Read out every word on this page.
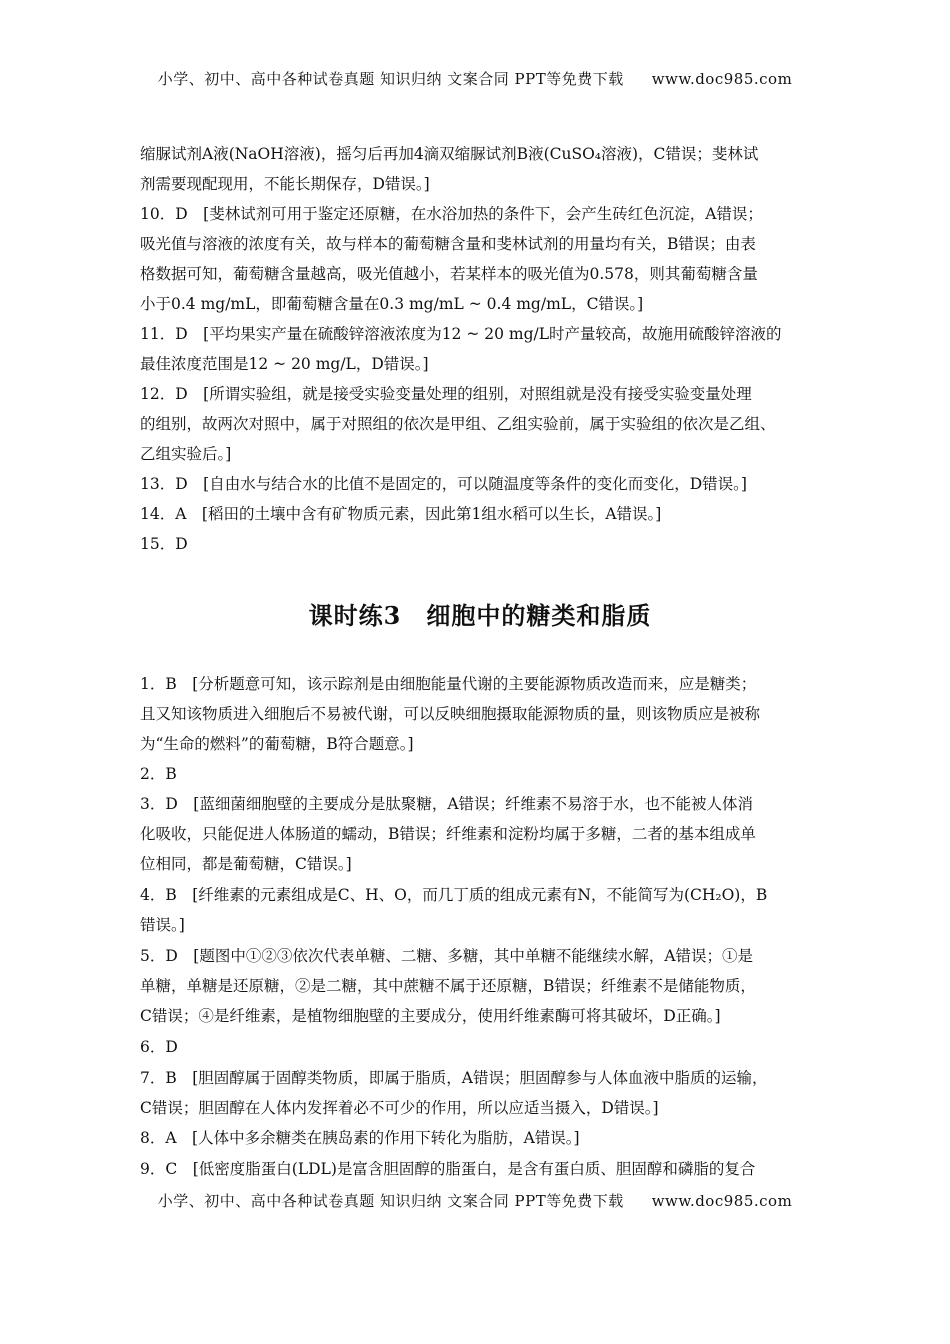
小学、初中、高中各种试卷真题 知识归纳 文案合同 PPT等免费下载 www.doc985.com
缩脲试剂A液(NaOH溶液)，摇匀后再加4滴双缩脲试剂B液(CuSO₄溶液)，C错误；斐林试
剂需要现配现用，不能长期保存，D错误。]
10．D　[斐林试剂可用于鉴定还原糖，在水浴加热的条件下，会产生砖红色沉淀，A错误；
吸光值与溶液的浓度有关，故与样本的葡萄糖含量和斐林试剂的用量均有关，B错误；由表
格数据可知，葡萄糖含量越高，吸光值越小，若某样本的吸光值为0.578，则其葡萄糖含量
小于0.4 mg/mL，即葡萄糖含量在0.3 mg/mL ~ 0.4 mg/mL，C错误。]
11．D　[平均果实产量在硫酸锌溶液浓度为12 ~ 20 mg/L时产量较高，故施用硫酸锌溶液的
最佳浓度范围是12 ~ 20 mg/L，D错误。]
12．D　[所谓实验组，就是接受实验变量处理的组别，对照组就是没有接受实验变量处理
的组别，故两次对照中，属于对照组的依次是甲组、乙组实验前，属于实验组的依次是乙组、
乙组实验后。]
13．D　[自由水与结合水的比值不是固定的，可以随温度等条件的变化而变化，D错误。]
14．A　[稻田的土壤中含有矿物质元素，因此第1组水稻可以生长，A错误。]
15．D
课时练3　细胞中的糖类和脂质
1．B　[分析题意可知，该示踪剂是由细胞能量代谢的主要能源物质改造而来，应是糖类；
且又知该物质进入细胞后不易被代谢，可以反映细胞摄取能源物质的量，则该物质应是被称
为“生命的燃料”的葡萄糖，B符合题意。]
2．B
3．D　[蓝细菌细胞壁的主要成分是肽聚糖，A错误；纤维素不易溶于水，也不能被人体消
化吸收，只能促进人体肠道的蠕动，B错误；纤维素和淀粉均属于多糖，二者的基本组成单
位相同，都是葡萄糖，C错误。]
4．B　[纤维素的元素组成是C、H、O，而几丁质的组成元素有N，不能简写为(CH₂O)，B
错误。]
5．D　[题图中①②③依次代表单糖、二糖、多糖，其中单糖不能继续水解，A错误；①是
单糖，单糖是还原糖，②是二糖，其中蔗糖不属于还原糖，B错误；纤维素不是储能物质，
C错误；④是纤维素，是植物细胞壁的主要成分，使用纤维素酶可将其破坏，D正确。]
6．D
7．B　[胆固醇属于固醇类物质，即属于脂质，A错误；胆固醇参与人体血液中脂质的运输，
C错误；胆固醇在人体内发挥着必不可少的作用，所以应适当摄入，D错误。]
8．A　[人体中多余糖类在胰岛素的作用下转化为脂肪，A错误。]
9．C　[低密度脂蛋白(LDL)是富含胆固醇的脂蛋白，是含有蛋白质、胆固醇和磷脂的复合
小学、初中、高中各种试卷真题 知识归纳 文案合同 PPT等免费下载 www.doc985.com
